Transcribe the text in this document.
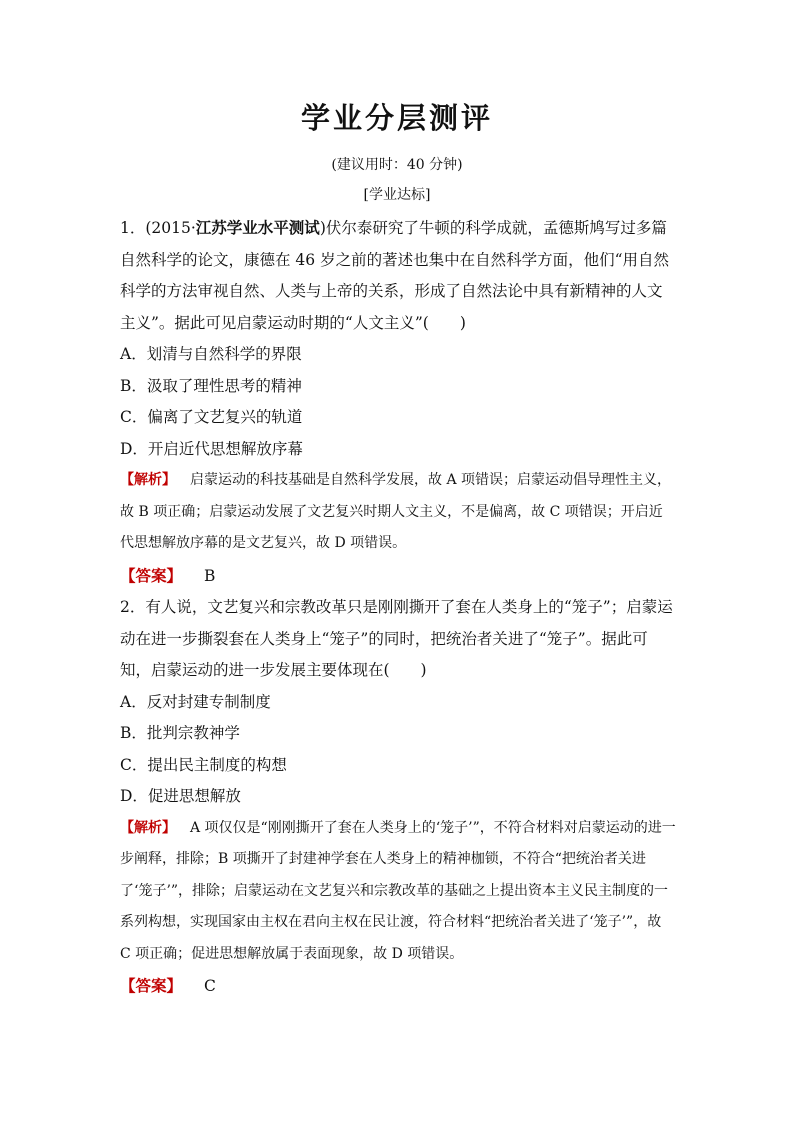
学业分层测评
(建议用时：40 分钟)
[学业达标]

1．(2015·江苏学业水平测试)伏尔泰研究了牛顿的科学成就，孟德斯鸠写过多篇自然科学的论文，康德在 46 岁之前的著述也集中在自然科学方面，他们“用自然科学的方法审视自然、人类与上帝的关系，形成了自然法论中具有新精神的人文主义”。据此可见启蒙运动时期的“人文主义”(　　)

A．划清与自然科学的界限

B．汲取了理性思考的精神

C．偏离了文艺复兴的轨道

D．开启近代思想解放序幕

【解析】 启蒙运动的科技基础是自然科学发展，故 A 项错误；启蒙运动倡导理性主义，故 B 项正确；启蒙运动发展了文艺复兴时期人文主义，不是偏离，故 C 项错误；开启近代思想解放序幕的是文艺复兴，故 D 项错误。

【答案】 B

2．有人说，文艺复兴和宗教改革只是刚刚撕开了套在人类身上的“笼子”；启蒙运动在进一步撕裂套在人类身上“笼子”的同时，把统治者关进了“笼子”。据此可知，启蒙运动的进一步发展主要体现在(　　)

A．反对封建专制制度

B．批判宗教神学

C．提出民主制度的构想

D．促进思想解放

【解析】 A 项仅仅是“刚刚撕开了套在人类身上的‘笼子’”，不符合材料对启蒙运动的进一步阐释，排除；B 项撕开了封建神学套在人类身上的精神枷锁，不符合“把统治者关进了‘笼子’”，排除；启蒙运动在文艺复兴和宗教改革的基础之上提出资本主义民主制度的一系列构想，实现国家由主权在君向主权在民让渡，符合材料“把统治者关进了‘笼子’”，故 C 项正确；促进思想解放属于表面现象，故 D 项错误。

【答案】 C
